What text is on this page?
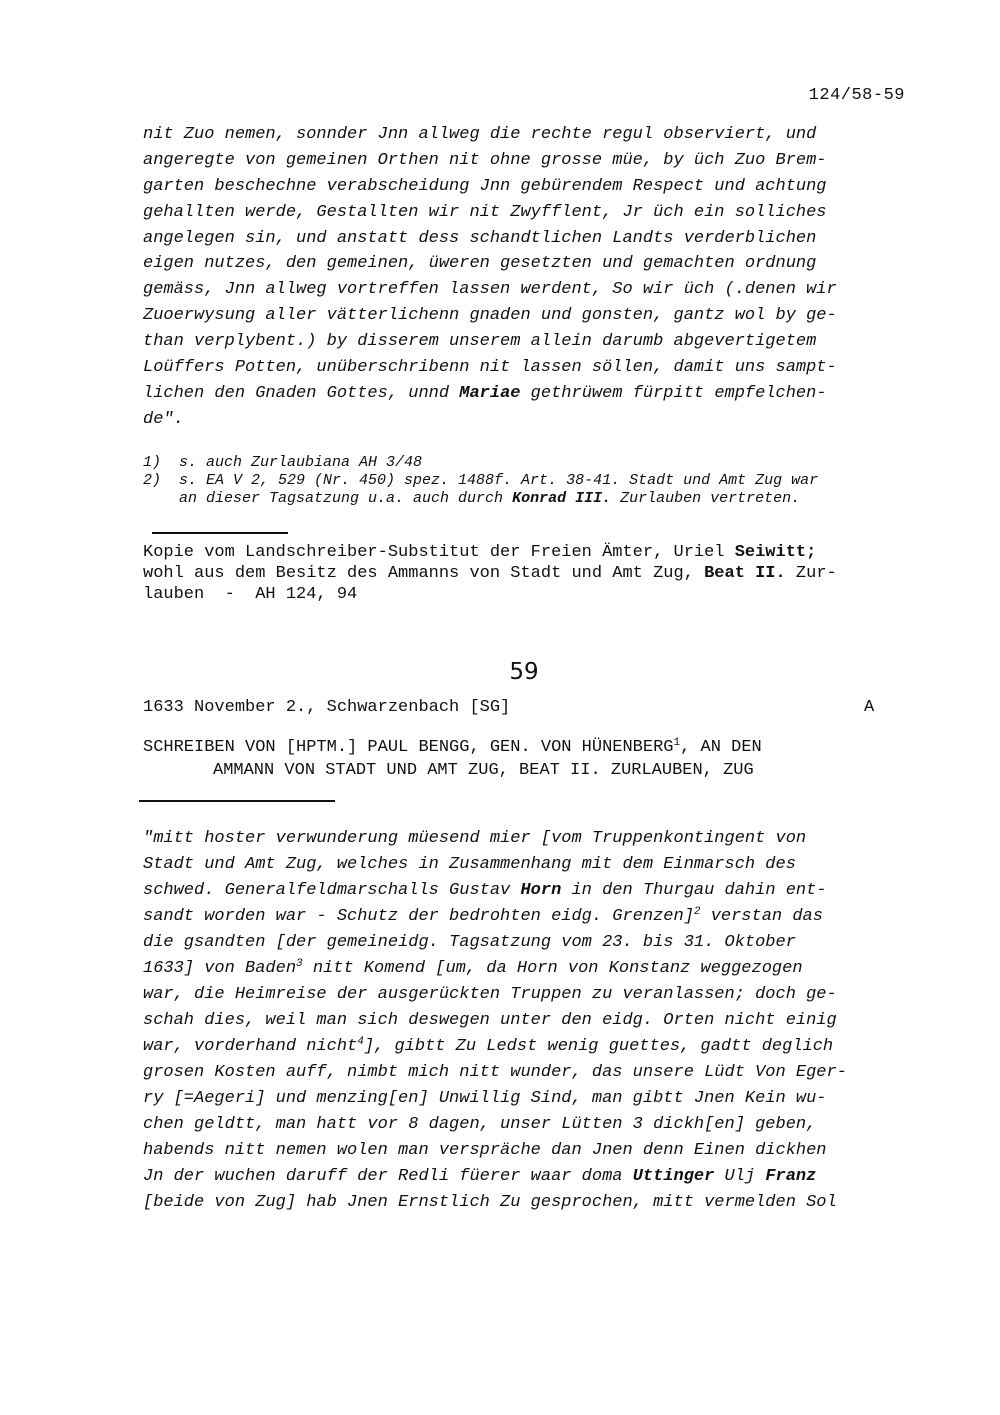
124/58-59
nit Zuo nemen, sonnder Jnn allweg die rechte regul observiert, und
angeregte von gemeinen Orthen nit ohne grosse müe, by üch Zuo Brem-
garten beschechne verabscheidung Jnn gebürendem Respect und achtung
gehallten werde, Gestallten wir nit Zwyfflent, Jr üch ein solliches
angelegen sin, und anstatt dess schandtlichen Landts verderblichen
eigen nutzes, den gemeinen, üweren gesetzten und gemachten ordnung
gemäss, Jnn allweg vortreffen lassen werdent, So wir üch (.denen wir
Zuoerwysung aller vätterlichenn gnaden und gonsten, gantz wol by ge-
than verplybent.) by disserem unserem allein darumb abgevertigetem
Loüffers Potten, unüberschribenn nit lassen söllen, damit uns sampt-
lichen den Gnaden Gottes, unnd Mariae gethrüwem fürpitt empfelchen-
de".
1)	s. auch Zurlaubiana AH 3/48
2)	s. EA V 2, 529 (Nr. 450) spez. 1488f. Art. 38-41. Stadt und Amt Zug war
an dieser Tagsatzung u.a. auch durch Konrad III. Zurlauben vertreten.
Kopie vom Landschreiber-Substitut der Freien Ämter, Uriel Seiwitt;
wohl aus dem Besitz des Ammanns von Stadt und Amt Zug, Beat II. Zur-
lauben  -  AH 124, 94
59
1633 November 2., Schwarzenbach [SG]	A
SCHREIBEN VON [HPTM.] PAUL BENGG, GEN. VON HÜNENBERG$^1$, AN DEN
AMMANN VON STADT UND AMT ZUG, BEAT II. ZURLAUBEN, ZUG
"mitt hoster verwunderung müesend mier [vom Truppenkontingent von
Stadt und Amt Zug, welches in Zusammenhang mit dem Einmarsch des
schwed. Generalfeldmarschalls Gustav Horn in den Thurgau dahin ent-
sandt worden war - Schutz der bedrohten eidg. Grenzen]$^2$ verstan das
die gsandten [der gemeineidg. Tagsatzung vom 23. bis 31. Oktober
1633] von Baden$^3$ nitt Komend [um, da Horn von Konstanz weggezogen
war, die Heimreise der ausgerückten Truppen zu veranlassen; doch ge-
schah dies, weil man sich deswegen unter den eidg. Orten nicht einig
war, vorderhand nicht$^4$], gibtt Zu Ledst wenig guettes, gadtt deglich
grosen Kosten auff, nimbt mich nitt wunder, das unsere Lüdt Von Eger-
ry [=Aegeri] und menzing[en] Unwillig Sind, man gibtt Jnen Kein wu-
chen geldtt, man hatt vor 8 dagen, unser Lütten 3 dickh[en] geben,
habends nitt nemen wolen man verspräche dan Jnen denn Einen dickhen
Jn der wuchen daruff der Redli füerer waar doma Uttinger Ulj Franz
[beide von Zug] hab Jnen Ernstlich Zu gesprochen, mitt vermelden Sol
